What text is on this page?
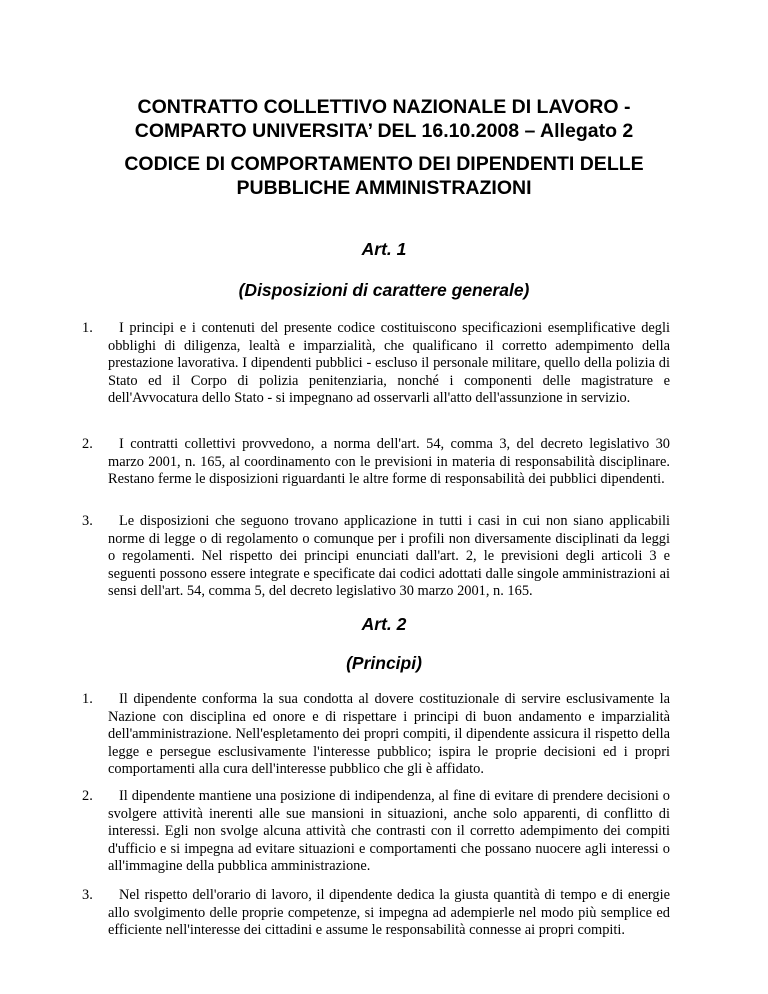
CONTRATTO COLLETTIVO NAZIONALE DI LAVORO -
COMPARTO UNIVERSITA’ DEL 16.10.2008 – Allegato 2
CODICE DI COMPORTAMENTO DEI DIPENDENTI DELLE
PUBBLICHE AMMINISTRAZIONI
Art. 1
(Disposizioni di carattere generale)
1.	I principi e i contenuti del presente codice costituiscono specificazioni esemplificative degli obblighi di diligenza, lealtà e imparzialità, che qualificano il corretto adempimento della prestazione lavorativa. I dipendenti pubblici - escluso il personale militare, quello della polizia di Stato ed il Corpo di polizia penitenziaria, nonché i componenti delle magistrature e dell'Avvocatura dello Stato - si impegnano ad osservarli all'atto dell'assunzione in servizio.

2.	I contratti collettivi provvedono, a norma dell'art. 54, comma 3, del decreto legislativo 30 marzo 2001, n. 165, al coordinamento con le previsioni in materia di responsabilità disciplinare. Restano ferme le disposizioni riguardanti le altre forme di responsabilità dei pubblici dipendenti.

3.	Le disposizioni che seguono trovano applicazione in tutti i casi in cui non siano applicabili norme di legge o di regolamento o comunque per i profili non diversamente disciplinati da leggi o regolamenti. Nel rispetto dei principi enunciati dall'art. 2, le previsioni degli articoli 3 e seguenti possono essere integrate e specificate dai codici adottati dalle singole amministrazioni ai sensi dell'art. 54, comma 5, del decreto legislativo 30 marzo 2001, n. 165.

Art. 2
(Principi)
1.	Il dipendente conforma la sua condotta al dovere costituzionale di servire esclusivamente la Nazione con disciplina ed onore e di rispettare i principi di buon andamento e imparzialità dell'amministrazione. Nell'espletamento dei propri compiti, il dipendente assicura il rispetto della legge e persegue esclusivamente l'interesse pubblico; ispira le proprie decisioni ed i propri comportamenti alla cura dell'interesse pubblico che gli è affidato.

2.	Il dipendente mantiene una posizione di indipendenza, al fine di evitare di prendere decisioni o svolgere attività inerenti alle sue mansioni in situazioni, anche solo apparenti, di conflitto di interessi. Egli non svolge alcuna attività che contrasti con il corretto adempimento dei compiti d'ufficio e si impegna ad evitare situazioni e comportamenti che possano nuocere agli interessi o all'immagine della pubblica amministrazione.

3.	Nel rispetto dell'orario di lavoro, il dipendente dedica la giusta quantità di tempo e di energie allo svolgimento delle proprie competenze, si impegna ad adempierle nel modo più semplice ed efficiente nell'interesse dei cittadini e assume le responsabilità connesse ai propri compiti.
